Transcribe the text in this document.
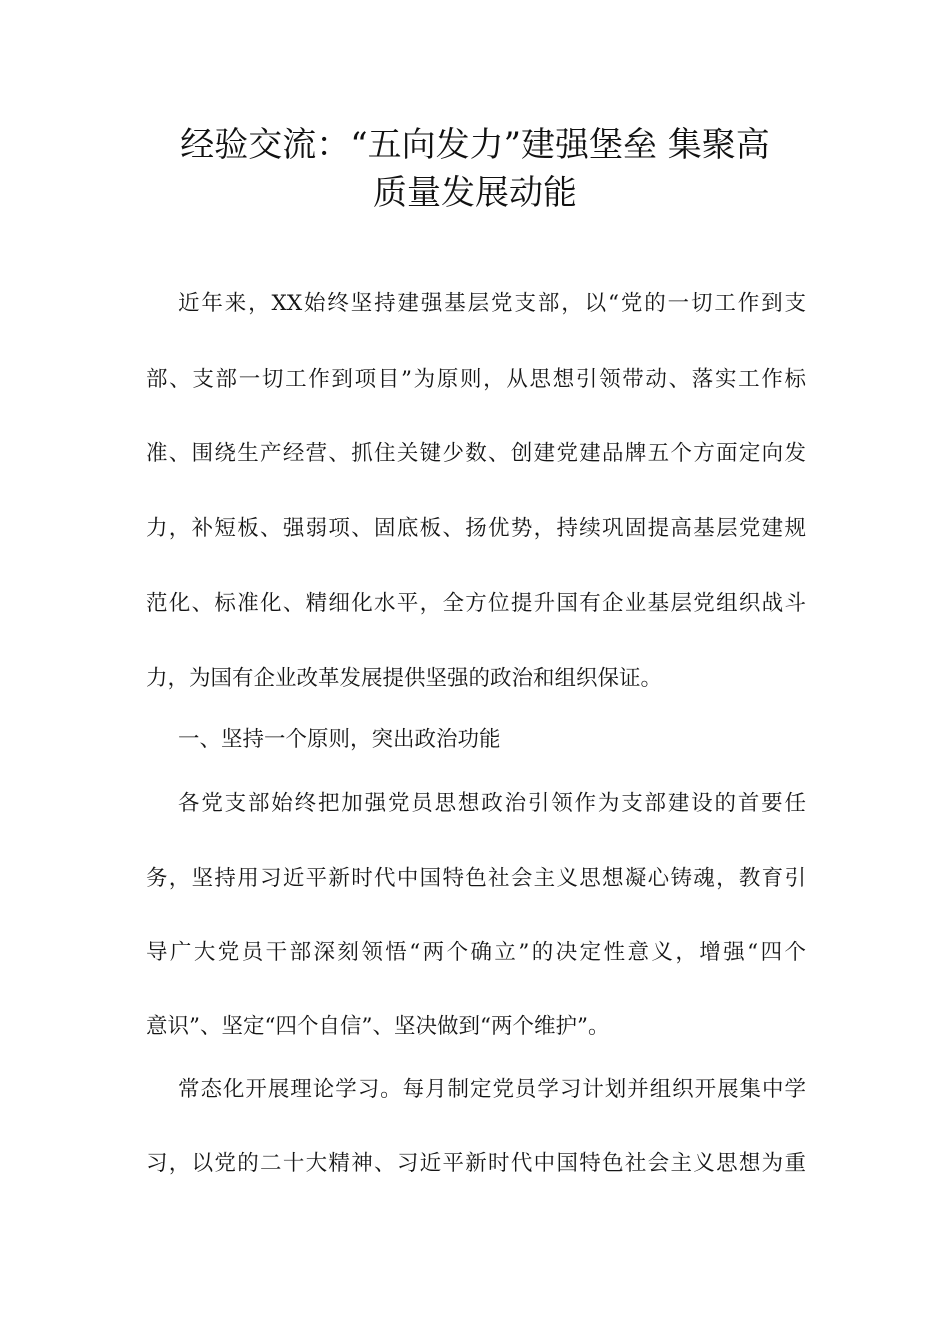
经验交流：“五向发力”建强堡垒 集聚高
质量发展动能
近年来，XX始终坚持建强基层党支部，以“党的一切工作到支
部、支部一切工作到项目”为原则，从思想引领带动、落实工作标
准、围绕生产经营、抓住关键少数、创建党建品牌五个方面定向发
力，补短板、强弱项、固底板、扬优势，持续巩固提高基层党建规
范化、标准化、精细化水平，全方位提升国有企业基层党组织战斗
力，为国有企业改革发展提供坚强的政治和组织保证。
一、坚持一个原则，突出政治功能
各党支部始终把加强党员思想政治引领作为支部建设的首要任
务，坚持用习近平新时代中国特色社会主义思想凝心铸魂，教育引
导广大党员干部深刻领悟“两个确立”的决定性意义，增强“四个
意识”、坚定“四个自信”、坚决做到“两个维护”。
常态化开展理论学习。每月制定党员学习计划并组织开展集中学
习，以党的二十大精神、习近平新时代中国特色社会主义思想为重
